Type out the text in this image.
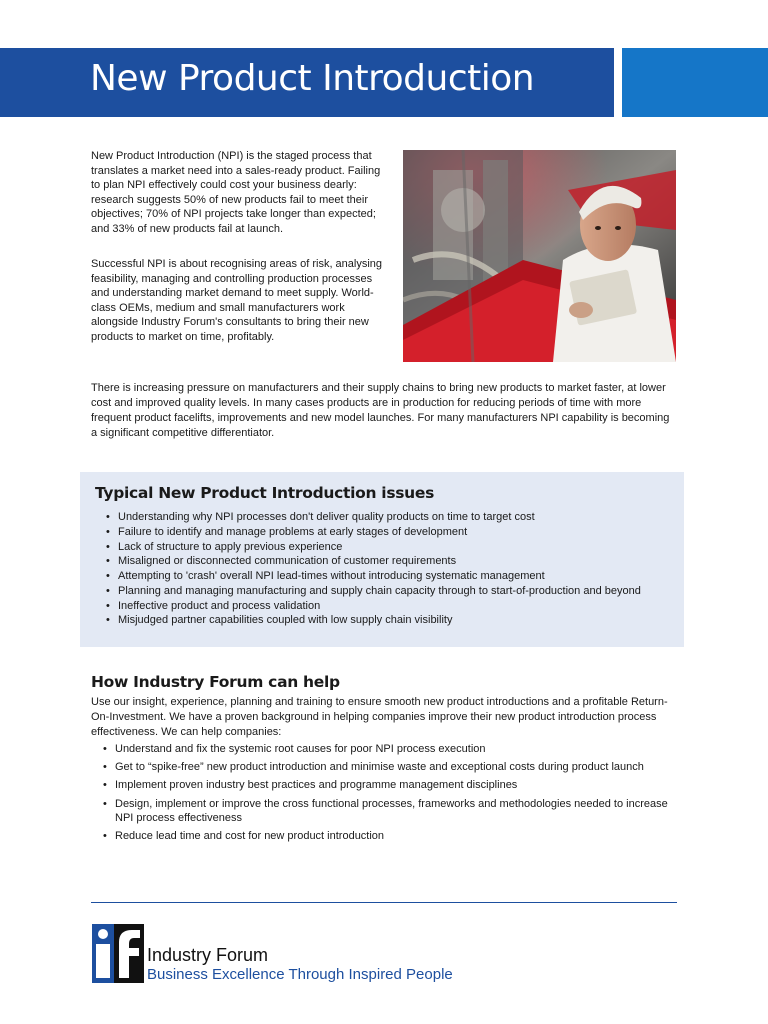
New Product Introduction

New Product Introduction (NPI) is the staged process that translates a market need into a sales-ready product. Failing to plan NPI effectively could cost your business dearly: research suggests 50% of new products fail to meet their objectives; 70% of NPI projects take longer than expected; and 33% of new products fail at launch.

Successful NPI is about recognising areas of risk, analysing feasibility, managing and controlling production processes and understanding market demand to meet supply. World-class OEMs, medium and small manufacturers work alongside Industry Forum's consultants to bring their new products to market on time, profitably.

There is increasing pressure on manufacturers and their supply chains to bring new products to market faster, at lower cost and improved quality levels. In many cases products are in production for reducing periods of time with more frequent product facelifts, improvements and new model launches. For many manufacturers NPI capability is becoming a significant competitive differentiator.

Typical New Product Introduction issues
• Understanding why NPI processes don't deliver quality products on time to target cost
• Failure to identify and manage problems at early stages of development
• Lack of structure to apply previous experience
• Misaligned or disconnected communication of customer requirements
• Attempting to 'crash' overall NPI lead-times without introducing systematic management
• Planning and managing manufacturing and supply chain capacity through to start-of-production and beyond
• Ineffective product and process validation
• Misjudged partner capabilities coupled with low supply chain visibility
How Industry Forum can help

Use our insight, experience, planning and training to ensure smooth new product introductions and a profitable Return-On-Investment. We have a proven background in helping companies improve their new product introduction process effectiveness. We can help companies:

• Understand and fix the systemic root causes for poor NPI process execution
• Get to “spike-free” new product introduction and minimise waste and exceptional costs during product launch
• Implement proven industry best practices and programme management disciplines
• Design, implement or improve the cross functional processes, frameworks and methodologies needed to increase NPI process effectiveness
• Reduce lead time and cost for new product introduction
Industry Forum
Business Excellence Through Inspired People
